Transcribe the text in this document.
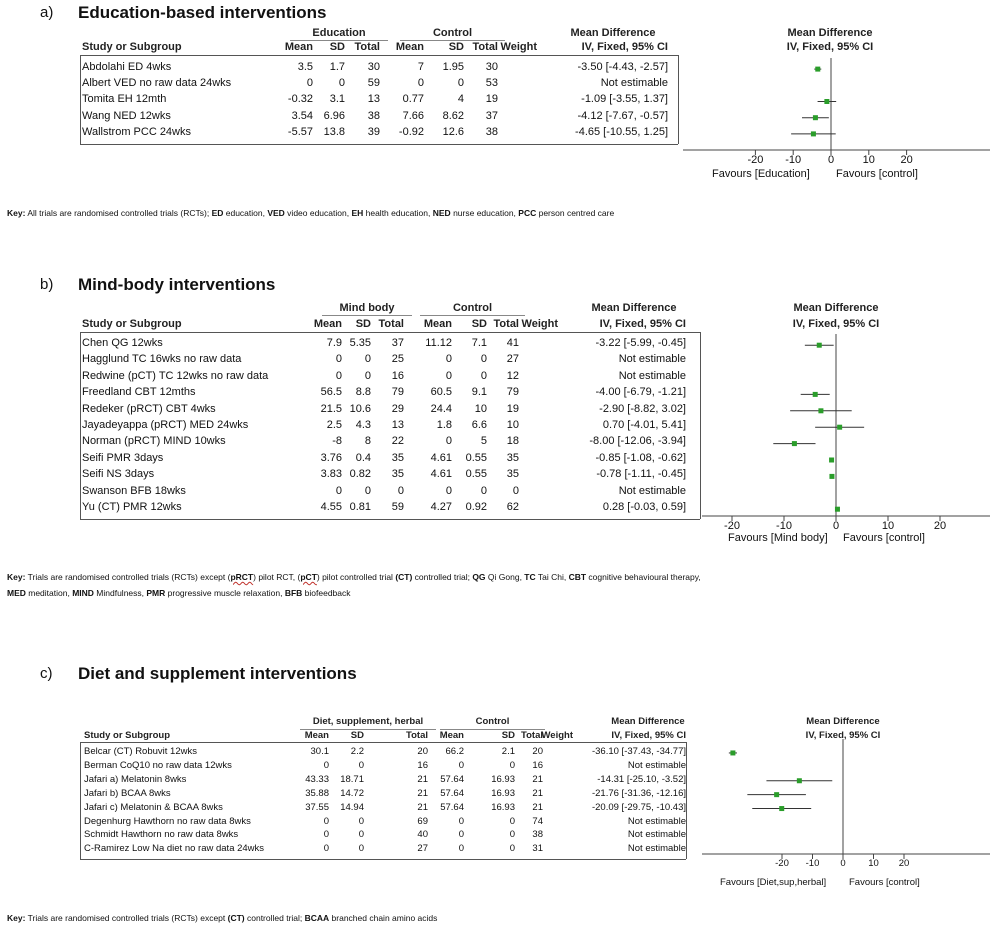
a) Education-based interventions
Education	Control	Mean Difference	Mean Difference
IV, Fixed, 95% CI
Study or Subgroup	Mean SD Total Mean SD Total Weight	IV, Fixed, 95% CI
Abdolahi ED 4wks	3.5 1.7 30	7 1.95 30	-3.50 [-4.43, -2.57]
Albert VED no raw data 24wks	0 0 59	0	0 53	Not estimable
Tomita EH 12mth	-0.32 3.1 13 0.77	4 19	-1.09 [-3.55, 1.37]
Wang NED 12wks	3.54 6.96 38 7.66 8.62 37	-4.12 [-7.67, -0.57]
Wallstrom PCC 24wks	-5.57 13.8 39 -0.92 12.6 38	-4.65 [-10.55, 1.25]
-20 -10 0	10 20
Favours [Education] Favours [control]
Key: All trials are randomised controlled trials (RCTs); ED education, VED video education, EH health education, NED nurse education, PCC person centred care
b) Mind-body interventions
Mind body	Control	Mean Difference	Mean Difference
IV, Fixed, 95% CI
Study or Subgroup	Mean SD Total Mean SD Total Weight	IV, Fixed, 95% CI
Chen QG 12wks	7.9 5.35 37 11.12 7.1 41	-3.22 [-5.99, -0.45]
Hagglund TC 16wks no raw data	0 0 25	0	0 27	Not estimable
Redwine (pCT) TC 12wks no raw data	0 0 16	0	0 12	Not estimable
Freedland CBT 12mths	56.5 8.8 79 60.5 9.1 79	-4.00 [-6.79, -1.21]
Redeker (pRCT) CBT 4wks	21.5 10.6 29 24.4 10 19	-2.90 [-8.82, 3.02]
Jayadeyappa (pRCT) MED 24wks	2.5 4.3 13	1.8 6.6 10	0.70 [-4.01, 5.41]
Norman (pRCT) MIND 10wks	-8 8 22	0	5 18	-8.00 [-12.06, -3.94]
Seifi PMR 3days	3.76 0.4 35 4.61 0.55 35	-0.85 [-1.08, -0.62]
Seifi NS 3days	3.83 0.82 35 4.61 0.55 35	-0.78 [-1.11, -0.45]
Swanson BFB 18wks	0 0 0	0	0 0	Not estimable
Yu (CT) PMR 12wks	4.55 0.81 59 4.27 0.92 62	0.28 [-0.03, 0.59]
-20	-10	0	10	20
Favours [Mind body] Favours [control]
Key: Trials are randomised controlled trials (RCTs) except (pRCT) pilot RCT, (pCT) pilot controlled trial (CT) controlled trial; QG Qi Gong, TC Tai Chi, CBT cognitive behavioural therapy,
MED meditation, MIND Mindfulness, PMR progressive muscle relaxation, BFB biofeedback
c) Diet and supplement interventions
Diet, supplement, herbal	Control	Mean Difference	Mean Difference
IV, Fixed, 95% CI
Study or Subgroup	Mean SD	Total Mean	SD Total
Weight	IV, Fixed, 95% CI
Belcar (CT) Robuvit 12wks	30.1 2.2	20 66.2	2.1 20	-36.10 [-37.43, -34.77]
Berman CoQ10 no raw data 12wks	0	0	16	0	0 16	Not estimable
Jafari a) Melatonin 8wks	43.33 18.71	21 57.64	16.93 21	-14.31 [-25.10, -3.52]
Jafari b) BCAA 8wks	35.88 14.72	21 57.64	16.93 21	-21.76 [-31.36, -12.16]
Jafari c) Melatonin & BCAA 8wks	37.55 14.94	21 57.64	16.93 21	-20.09 [-29.75, -10.43]
Degenhurg Hawthorn no raw data 8wks	0	0	69	0	0 74	Not estimable
Schmidt Hawthorn no raw data 8wks	0	0	40	0	0 38	Not estimable
C-Ramirez Low Na diet no raw data 24wks	0	0	27	0	0 31	Not estimable
-20 -10 0 10 20
Favours [Diet,sup,herbal] Favours [control]
Key: Trials are randomised controlled trials (RCTs) except (CT) controlled trial; BCAA branched chain amino acids
